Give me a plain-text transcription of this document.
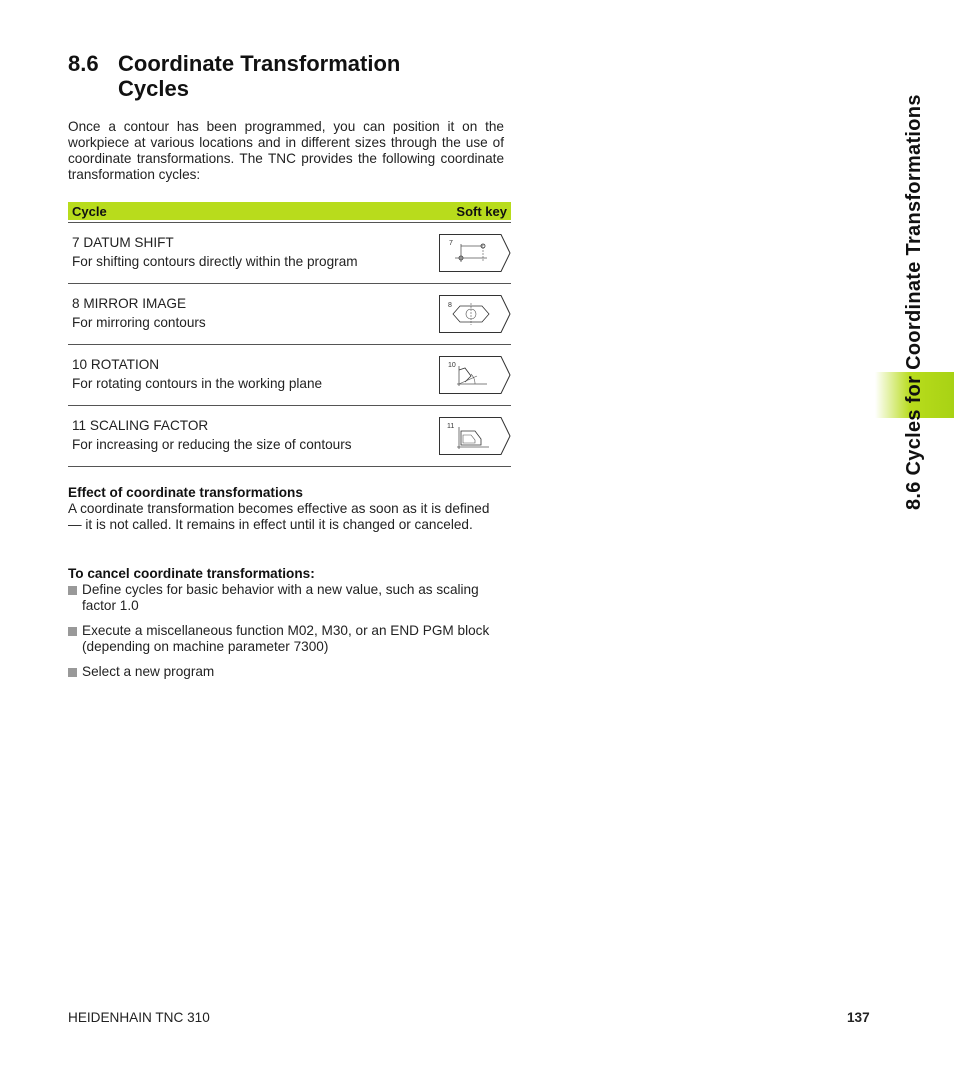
8.6 Coordinate Transformation
Cycles
Once a contour has been programmed, you can position it on the workpiece at various locations and in different sizes through the use of coordinate transformations. The TNC provides the following coordinate transformation cycles:
Cycle	Soft key
7 DATUM SHIFT
For shifting contours directly within the program
7
8 MIRROR IMAGE
For mirroring contours
8
10 ROTATION
For rotating contours in the working plane
10
11 SCALING FACTOR
For increasing or reducing the size of contours
11
Effect of coordinate transformations
A coordinate transformation becomes effective as soon as it is defined — it is not called. It remains in effect until it is changed or canceled.
To cancel coordinate transformations:
Define cycles for basic behavior with a new value, such as scaling factor 1.0
Execute a miscellaneous function M02, M30, or an END PGM block (depending on machine parameter 7300)
Select a new program
8.6 Cycles for Coordinate Transformations
HEIDENHAIN TNC 310	137
